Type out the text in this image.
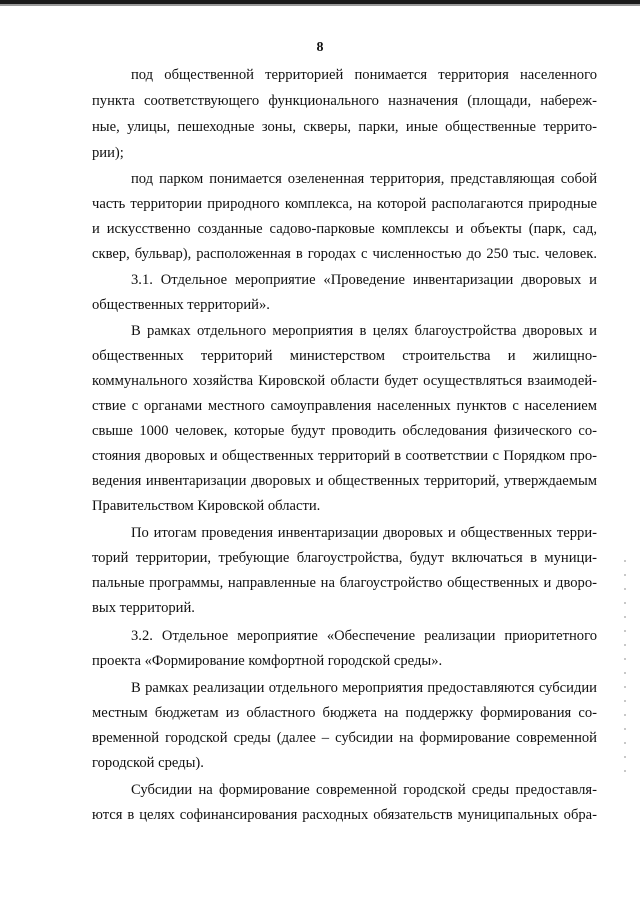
8

под общественной территорией понимается территория населенного

пункта соответствующего функционального назначения (площади, набереж-

ные, улицы, пешеходные зоны, скверы, парки, иные общественные террито-

рии);

под парком понимается озелененная территория, представляющая собой

часть территории природного комплекса, на которой располагаются природные

и искусственно созданные садово-парковые комплексы и объекты (парк, сад,

сквер, бульвар), расположенная в городах с численностью до 250 тыс. человек.

3.1. Отдельное мероприятие «Проведение инвентаризации дворовых и

общественных территорий».

В рамках отдельного мероприятия в целях благоустройства дворовых и

общественных территорий министерством строительства и жилищно-

коммунального хозяйства Кировской области будет осуществляться взаимодей-

ствие с органами местного самоуправления населенных пунктов с населением

свыше 1000 человек, которые будут проводить обследования физического со-

стояния дворовых и общественных территорий в соответствии с Порядком про-

ведения инвентаризации дворовых и общественных территорий, утверждаемым

Правительством Кировской области.

По итогам проведения инвентаризации дворовых и общественных терри-

торий территории, требующие благоустройства, будут включаться в муници-

пальные программы, направленные на благоустройство общественных и дворо-

вых территорий.

3.2. Отдельное мероприятие «Обеспечение реализации приоритетного

проекта «Формирование комфортной городской среды».

В рамках реализации отдельного мероприятия предоставляются субсидии

местным бюджетам из областного бюджета на поддержку формирования со-

временной городской среды (далее – субсидии на формирование современной

городской среды).

Субсидии на формирование современной городской среды предоставля-

ются в целях софинансирования расходных обязательств муниципальных обра-
